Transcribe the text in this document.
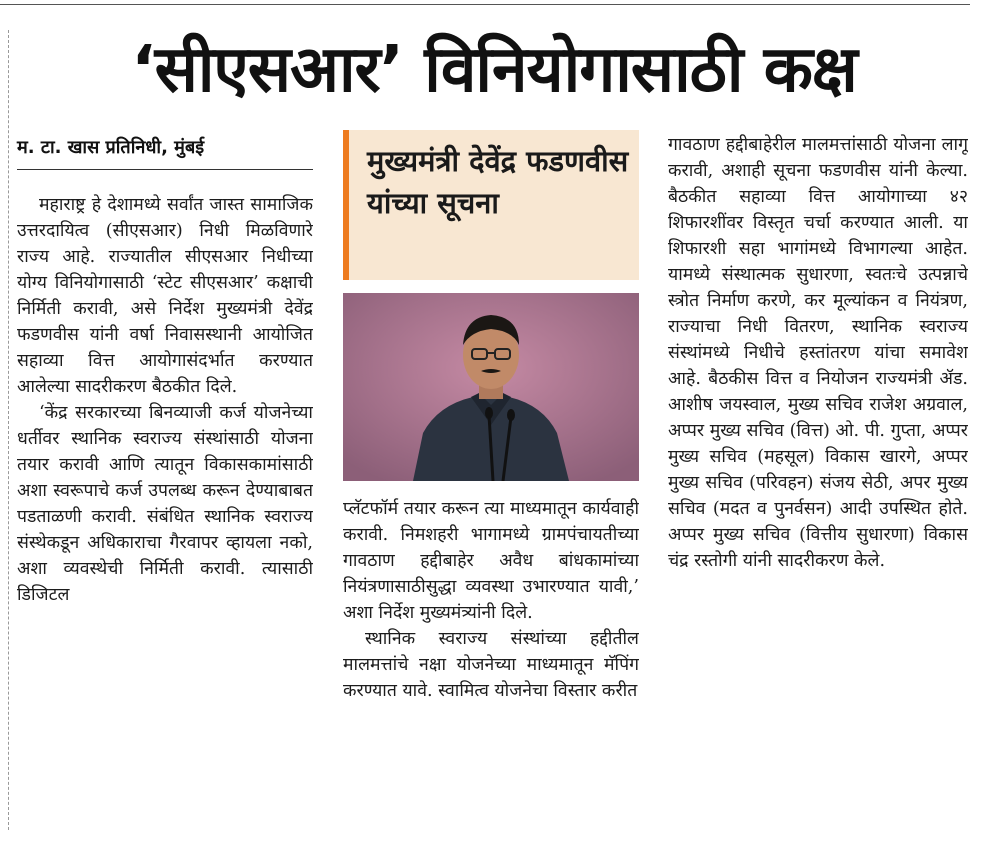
‘सीएसआर’ विनियोगासाठी कक्ष
म. टा. खास प्रतिनिधी, मुंबई

महाराष्ट्र हे देशामध्ये सर्वांत जास्त सामाजिक उत्तरदायित्व (सीएसआर) निधी मिळविणारे राज्य आहे. राज्यातील सीएसआर निधीच्या योग्य विनियोगासाठी ‘स्टेट सीएसआर’ कक्षाची निर्मिती करावी, असे निर्देश मुख्यमंत्री देवेंद्र फडणवीस यांनी वर्षा निवासस्थानी आयोजित सहाव्या वित्त आयोगासंदर्भात करण्यात आलेल्या सादरीकरण बैठकीत दिले.

‘केंद्र सरकारच्या बिनव्याजी कर्ज योजनेच्या धर्तीवर स्थानिक स्वराज्य संस्थांसाठी योजना तयार करावी आणि त्यातून विकासकामांसाठी अशा स्वरूपाचे कर्ज उपलब्ध करून देण्याबाबत पडताळणी करावी. संबंधित स्थानिक स्वराज्य संस्थेकडून अधिकाराचा गैरवापर व्हायला नको, अशा व्यवस्थेची निर्मिती करावी. त्यासाठी डिजिटल

मुख्यमंत्री देवेंद्र फडणवीस यांच्या सूचना

प्लॅटफॉर्म तयार करून त्या माध्यमातून कार्यवाही करावी. निमशहरी भागामध्ये ग्रामपंचायतीच्या गावठाण हद्दीबाहेर अवैध बांधकामांच्या नियंत्रणासाठीसुद्धा व्यवस्था उभारण्यात यावी,’ अशा निर्देश मुख्यमंत्र्यांनी दिले.

स्थानिक स्वराज्य संस्थांच्या हद्दीतील मालमत्तांचे नक्षा योजनेच्या माध्यमातून मॅपिंग करण्यात यावे. स्वामित्व योजनेचा विस्तार करीत

गावठाण हद्दीबाहेरील मालमत्तांसाठी योजना लागू करावी, अशाही सूचना फडणवीस यांनी केल्या. बैठकीत सहाव्या वित्त आयोगाच्या ४२ शिफारशींवर विस्तृत चर्चा करण्यात आली. या शिफारशी सहा भागांमध्ये विभागल्या आहेत. यामध्ये संस्थात्मक सुधारणा, स्वतःचे उत्पन्नाचे स्त्रोत निर्माण करणे, कर मूल्यांकन व नियंत्रण, राज्याचा निधी वितरण, स्थानिक स्वराज्य संस्थांमध्ये निधीचे हस्तांतरण यांचा समावेश आहे. बैठकीस वित्त व नियोजन राज्यमंत्री ॲड. आशीष जयस्वाल, मुख्य सचिव राजेश अग्रवाल, अप्पर मुख्य सचिव (वित्त) ओ. पी. गुप्ता, अप्पर मुख्य सचिव (महसूल) विकास खारगे, अप्पर मुख्य सचिव (परिवहन) संजय सेठी, अपर मुख्य सचिव (मदत व पुनर्वसन) आदी उपस्थित होते. अप्पर मुख्य सचिव (वित्तीय सुधारणा) विकास चंद्र रस्तोगी यांनी सादरीकरण केले.
